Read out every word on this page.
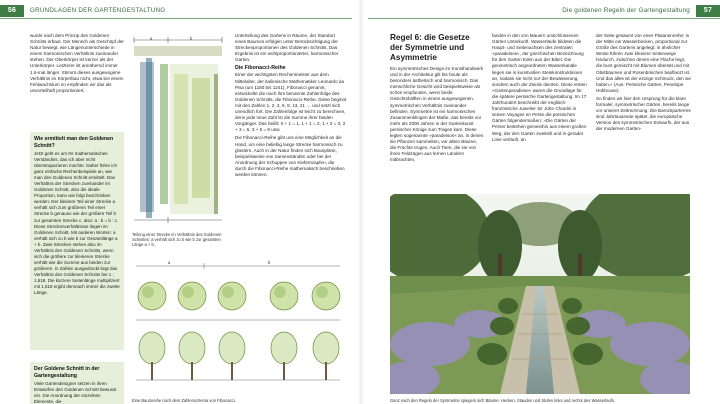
56	GRUNDLAGEN DER GARTENGESTALTUNG	Die goldenen Regeln der Gartengestaltung	57

wurde nach dem Prinzip des Goldenen Schnitts erbaut. Der Mensch als Geschöpf der Natur bewegt, wie Längenunterschiede in einem harmonischen Verhältnis zueinander stehen. Der Oberkörper ist kürzer als der Unterkörper. Letzterer ist annähernd immer 1,6-mal länger. Stimmt dieses ausgewogene Verhältnis im Körperbau nicht, etwa bei einem Fehlwachstum so empfinden wir das als unvorteilhaft proportioniert.

Wie ermittelt man den Goldenen Schnitt?
Jetzt geht es um Ihr mathematisches Verständnis, das ich aber nicht überstrapazieren möchte. Daher führe ich ganz einfache Rechenbeispiele an, wie man den Goldenen Schnitt ermittelt. Das Verhältnis der Strecken zueinander im Goldenen Schnitt, also die ideale Proportion, kann wie folgt beschrieben werden: Der kleinere Teil einer Strecke a verhält sich zum größeren Teil einer Strecke b genauso wie der größere Teil b zur gesamten Strecke c, also: a : b = b : c. Diese Streckenverhältnisse liegen im Goldenen Schnitt. Mit anderen Worten: a verhält sich zu b wie b zur Gesamtlänge a + b. Zwei Strecken stehen also im Verhältnis des Goldenen Schnitts, wenn sich die größere zur kleineren Strecke verhält wie die Summe aus beiden zur größeren. In Zahlen ausgedrückt liegt das Verhältnis des Goldenen Schnitts bei 1 : 1,618. Die kürzere Seitenlänge multipliziert mit 1,618 ergibt demnach immer die zweite Länge.
Der Goldene Schnitt in der Gartengestaltung
Viele Gartendesigner setzen in ihren Entwürfen den Goldenen Schnitt bewusst ein. Die Anordnung der einzelnen Elemente, die
a	b
Teilung einer Strecke im Verhältnis des Goldenen Schnittes: a verhält sich zu b wie b zur gesamten Länge a + b.
a	b
Eine Baumreihe nach dem Zahlenschema von Fibonacci.

Unterteilung des Gartens in Räume, der Standort eines Baumes erfolgen unter Berücksichtigung der Streckenproportionen des Goldenen Schnitts. Das Ergebnis ist ein wohlproportionierter, harmonischer Garten.

Die Fibonacci-Reihe

Einer der wichtigsten Rechenmeister aus dem Mittelalter, der italienische Mathematiker Leonardo da Pisa (um 1180 bis 1241), Fibonacci genannt, entwickelte die nach ihm benannte Zahlenfolge des Goldenen Schnitts, die Fibonacci-Reihe. Diese beginnt mit den Zahlen 1, 2, 3, 5, 8, 13, 21 … und setzt sich unendlich fort. Die Zahlenfolge ist leicht zu berechnen, denn jede neue Zahl ist die Summe ihrer beiden Vorgänger. Das heißt: 0 + 1 = 1, 1 + 1 = 2, 1 + 2 = 3, 2 + 3 = 5, 3 + 5 = 8 usw.

Die Fibonacci-Reihe gibt uns eine Möglichkeit an die Hand, um eine beliebig lange Strecke harmonisch zu gliedern. Auch in der Natur finden sich Bauspläne, beispielsweise von Samenständen oder bei der Anordnung der Schuppen von Kiefernzapfen, die durch die Fibonacci-Reihe mathematisch beschrieben werden können.

Regel 6: die Gesetze der Symmetrie und Asymmetrie

Ein symmetrisches Design im Kunsthandwerk und in der Architektur gilt bis heute als besonders ästhetisch und harmonisch. Das menschliche Gesicht wird beispielsweise als schön empfunden, wenn beide Gesichtshälften in einem ausgewogenen, symmetrischen Verhältnis zueinander befinden. Symmetrie ist ein harmonisches Zusammenklingen der Maße, das bereits vor mehr als 2000 Jahren in der Gartenkunst persischer Könige zum Tragen kam. Diese legten sogenannte »paradeisos« an, in denen sie Pflanzen sammelten, vor allem Bäume, die Früchte trugen. Auch Tiere, die sie von ihren Feldzügen aus fernen Ländern mitbrachten,

fanden in den von Mauern umschlossenen Gärten Unterkunft. Wasserläufe bildeten die Haupt- und Seitenachsen des zentralen »paradeisos«, der griechischen Bezeichnung für den Garten Eden aus der Bibel. Die geometrisch angeordneten Wasserkanäle liegen sie in kunstvollen Steinkonstruktionen an, sodass sie nicht nur der Bewässerung, sondern auch der Zierde dienten. Diese ersten »Gartenparadiese« waren die Grundlage für die spätere persische Gartengestaltung. Im 17. Jahrhundert beschreibt der englisch-französische Juwelier Sir John Chardin in seinen Voyages en Perse die persischen Gärten folgendermaßen: »Die Gärten der Perser bestehen gemeinhin aus einem großen Weg, der den Garten zweiteilt und in gerader Linie verläuft, an

der Seite gesäumt von einer Platanenreihe; in der Mitte ein Wasserbecken, proportional zur Größe des Gartens angelegt; in ähnlicher Weise führen zwei kleinere Seitenwege hindurch, zwischen denen eine Fläche liegt, die bunt gemischt mit Blumen übersät und mit Obstbäumen und Rosenbüschen bepflanzt ist. Und das alles ist der einzige Schmuck, den sie haben.« (Aus: Persische Gärten, Penelope Hobhouse)

So finden wir hier den Ursprung für die klare formaler, symmetrischer Gärten, bereits lange vor unserer Zeitrechnung. Die Barockparterres sind Jahrtausende später, die europäische Version des symmetrischen Entwurfs, der aus der modernen Garten-

Ganz nach den Regeln der Symmetrie spiegeln sich Bäume, Hecken, Stauden und Stufen links und rechts des Wasserlaufs.
